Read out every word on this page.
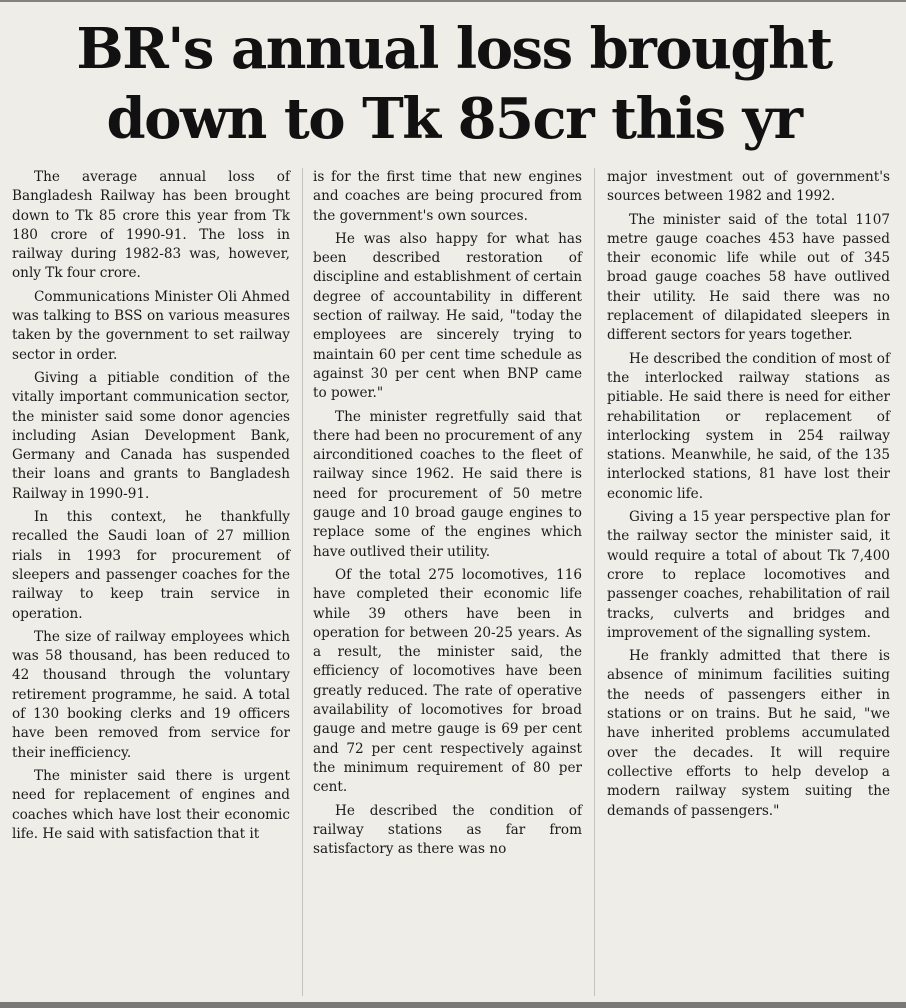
BR's annual loss brought
down to Tk 85cr this yr

The average annual loss of Bangladesh Railway has been brought down to Tk 85 crore this year from Tk 180 crore of 1990-91. The loss in railway during 1982-83 was, however, only Tk four crore.

Communications Minister Oli Ahmed was talking to BSS on various measures taken by the government to set railway sector in order.

Giving a pitiable condition of the vitally important communication sector, the minister said some donor agencies including Asian Development Bank, Germany and Canada has suspended their loans and grants to Bangladesh Railway in 1990-91.

In this context, he thankfully recalled the Saudi loan of 27 million rials in 1993 for procurement of sleepers and passenger coaches for the railway to keep train service in operation.

The size of railway employees which was 58 thousand, has been reduced to 42 thousand through the voluntary retirement programme, he said. A total of 130 booking clerks and 19 officers have been removed from service for their inefficiency.

The minister said there is urgent need for replacement of engines and coaches which have lost their economic life. He said with satisfaction that it

is for the first time that new engines and coaches are being procured from the government's own sources.

He was also happy for what has been described restoration of discipline and establishment of certain degree of accountability in different section of railway. He said, "today the employees are sincerely trying to maintain 60 per cent time schedule as against 30 per cent when BNP came to power."

The minister regretfully said that there had been no procurement of any airconditioned coaches to the fleet of railway since 1962. He said there is need for procurement of 50 metre gauge and 10 broad gauge engines to replace some of the engines which have outlived their utility.

Of the total 275 locomotives, 116 have completed their economic life while 39 others have been in operation for between 20-25 years. As a result, the minister said, the efficiency of locomotives have been greatly reduced. The rate of operative availability of locomotives for broad gauge and metre gauge is 69 per cent and 72 per cent respectively against the minimum requirement of 80 per cent.

He described the condition of railway stations as far from satisfactory as there was no

major investment out of government's sources between 1982 and 1992.

The minister said of the total 1107 metre gauge coaches 453 have passed their economic life while out of 345 broad gauge coaches 58 have outlived their utility. He said there was no replacement of dilapidated sleepers in different sectors for years together.

He described the condition of most of the interlocked railway stations as pitiable. He said there is need for either rehabilitation or replacement of interlocking system in 254 railway stations. Meanwhile, he said, of the 135 interlocked stations, 81 have lost their economic life.

Giving a 15 year perspective plan for the railway sector the minister said, it would require a total of about Tk 7,400 crore to replace locomotives and passenger coaches, rehabilitation of rail tracks, culverts and bridges and improvement of the signalling system.

He frankly admitted that there is absence of minimum facilities suiting the needs of passengers either in stations or on trains. But he said, "we have inherited problems accumulated over the decades. It will require collective efforts to help develop a modern railway system suiting the demands of passengers."
